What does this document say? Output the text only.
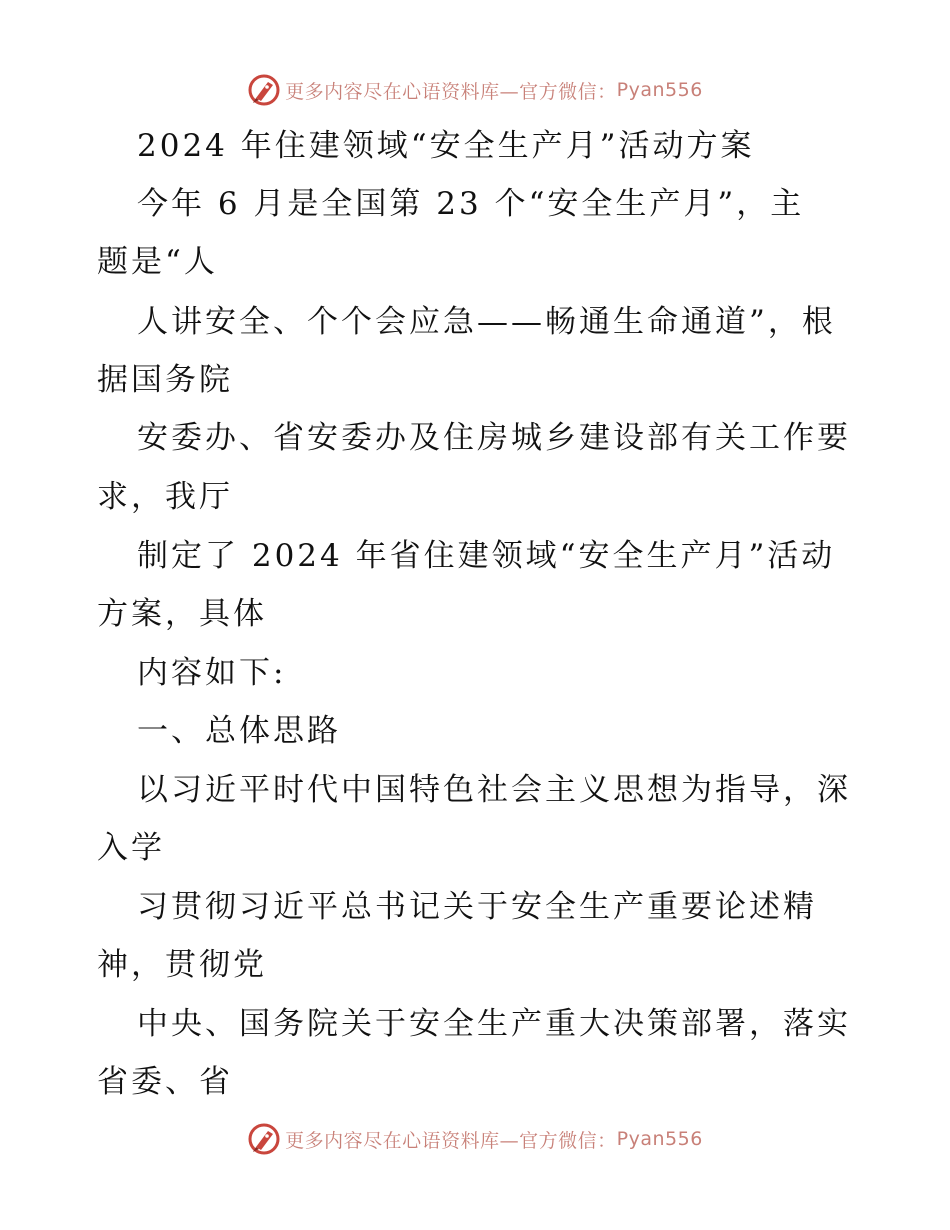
更多内容尽在心语资料库—官方微信： Pyan556
2024 年住建领域“安全生产月”活动方案
今年 6 月是全国第 23 个“安全生产月”，主
题是“人
人讲安全、个个会应急——畅通生命通道”，根
据国务院
安委办、省安委办及住房城乡建设部有关工作要
求，我厅
制定了 2024 年省住建领域“安全生产月”活动
方案，具体
内容如下:
一、总体思路
以习近平时代中国特色社会主义思想为指导，深
入学
习贯彻习近平总书记关于安全生产重要论述精
神，贯彻党
中央、国务院关于安全生产重大决策部署，落实
省委、省
更多内容尽在心语资料库—官方微信： Pyan556
